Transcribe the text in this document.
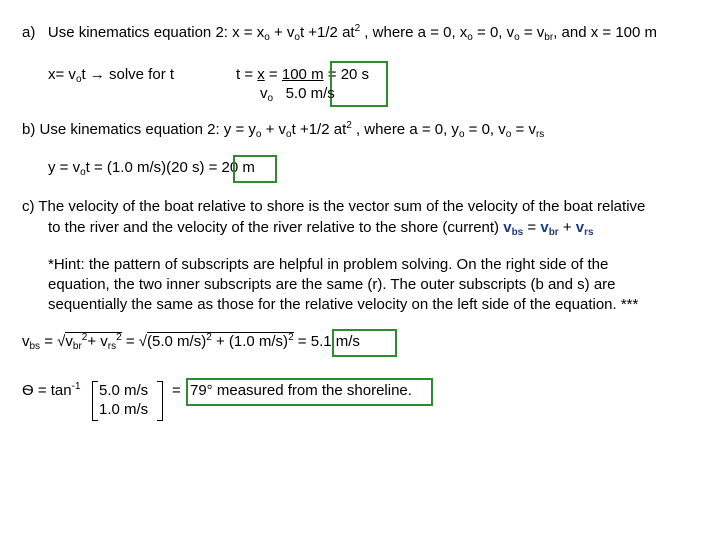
a) Use kinematics equation 2: $x = x_o + v_ot +1/2$ $at^2$ , where a = 0, $x_o = 0$, $v_o = v_{br}$, and x = 100 m
$x= v_ot$ → solve for t	t = x = 100 m = 20 s
$v_o$ 5.0 m/s
b) Use kinematics equation 2: $y = y_o + v_ot +1/2$ $at^2$ , where a = 0, $y_o = 0$, $v_o = v_{rs}$
$y = v_ot = (1.0$ m/s)(20 s) = 20 m
c) The velocity of the boat relative to shore is the vector sum of the velocity of the boat relative
to the river and the velocity of the river relative to the shore (current) $v_{bs} = v_{br} + v_{rs}$
*Hint: the pattern of subscripts are helpful in problem solving. On the right side of the
equation, the two inner subscripts are the same (r). The outer subscripts (b and s) are
sequentially the same as those for the relative velocity on the left side of the equation. ***
$v_{bs} = √v_{br}^2+ v_{rs}^2 = √(5.0$ m/s)$^2$ + (1.0 m/s)$^2$ = 5.1 m/s
$Ѳ = \tan^{-1} 5.0$ m/s
1.0 m/s
= 79° measured from the shoreline.
